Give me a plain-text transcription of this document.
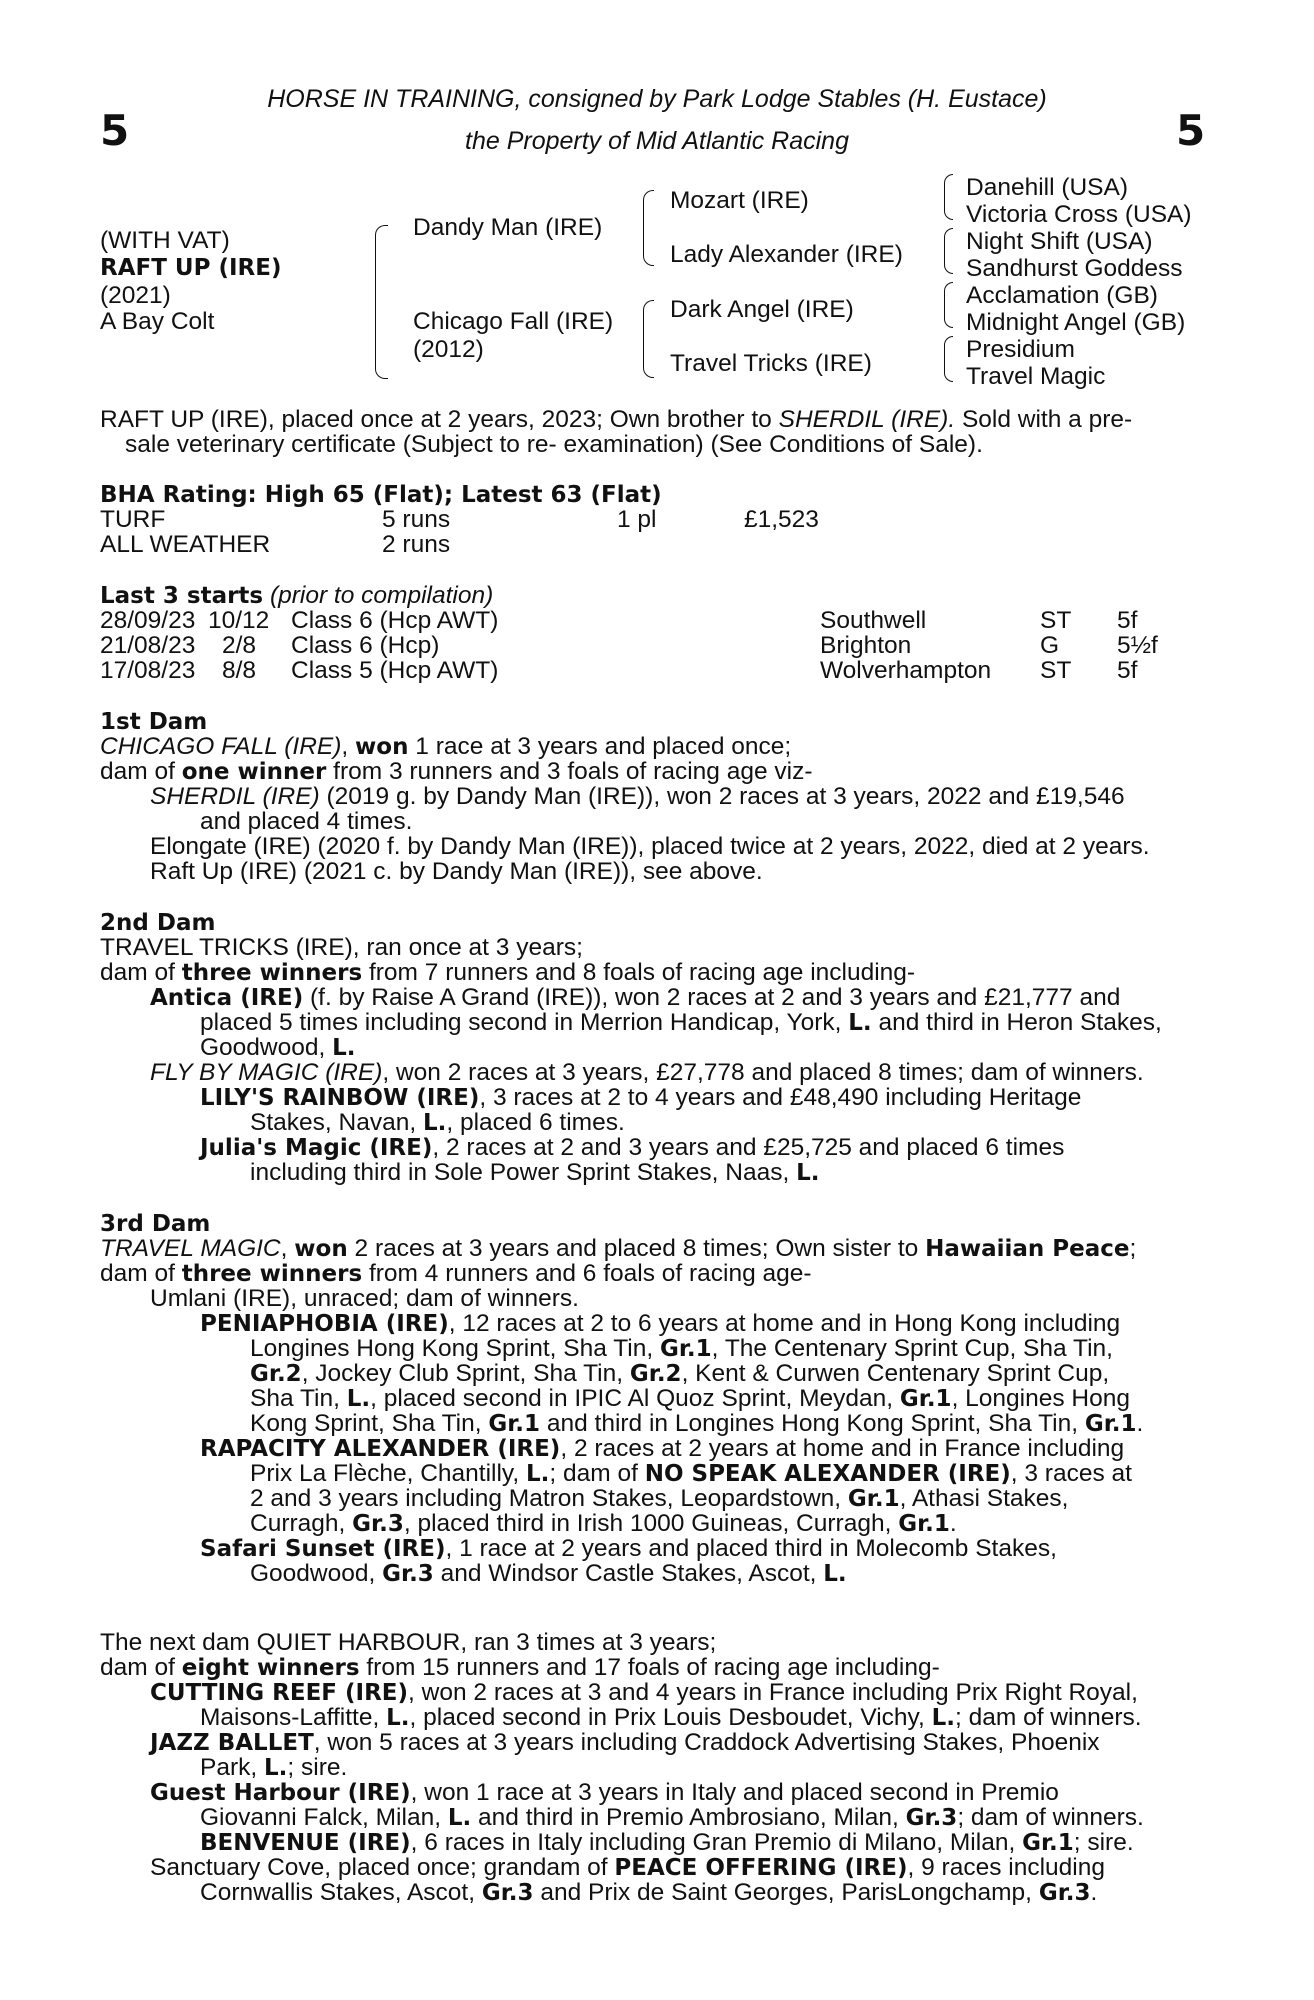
5	5
HORSE IN TRAINING, consigned by Park Lodge Stables (H. Eustace)
the Property of Mid Atlantic Racing
(WITH VAT)
RAFT UP (IRE)
(2021)
A Bay Colt
Dandy Man (IRE)
Chicago Fall (IRE)
(2012)
Mozart (IRE)
Lady Alexander (IRE)
Dark Angel (IRE)
Travel Tricks (IRE)
Danehill (USA)
Victoria Cross (USA)
Night Shift (USA)
Sandhurst Goddess
Acclamation (GB)
Midnight Angel (GB)
Presidium
Travel Magic
RAFT UP (IRE), placed once at 2 years, 2023; Own brother to SHERDIL (IRE). Sold with a pre-
sale veterinary certificate (Subject to re- examination) (See Conditions of Sale).
BHA Rating: High 65 (Flat); Latest 63 (Flat)
TURF	5 runs	1 pl	£1,523
ALL WEATHER	2 runs
Last 3 starts (prior to compilation)
28/09/23 10/12 Class 6 (Hcp AWT)	Southwell	ST 5f
21/08/23 2/8 Class 6 (Hcp)	Brighton	G 5½f
17/08/23 8/8 Class 5 (Hcp AWT)	Wolverhampton ST 5f
1st Dam
CHICAGO FALL (IRE), won 1 race at 3 years and placed once;
dam of one winner from 3 runners and 3 foals of racing age viz-
SHERDIL (IRE) (2019 g. by Dandy Man (IRE)), won 2 races at 3 years, 2022 and £19,546
and placed 4 times.
Elongate (IRE) (2020 f. by Dandy Man (IRE)), placed twice at 2 years, 2022, died at 2 years.
Raft Up (IRE) (2021 c. by Dandy Man (IRE)), see above.
2nd Dam
TRAVEL TRICKS (IRE), ran once at 3 years;
dam of three winners from 7 runners and 8 foals of racing age including-
Antica (IRE) (f. by Raise A Grand (IRE)), won 2 races at 2 and 3 years and £21,777 and
placed 5 times including second in Merrion Handicap, York, L. and third in Heron Stakes,
Goodwood, L.
FLY BY MAGIC (IRE), won 2 races at 3 years, £27,778 and placed 8 times; dam of winners.
LILY'S RAINBOW (IRE), 3 races at 2 to 4 years and £48,490 including Heritage
Stakes, Navan, L., placed 6 times.
Julia's Magic (IRE), 2 races at 2 and 3 years and £25,725 and placed 6 times
including third in Sole Power Sprint Stakes, Naas, L.
3rd Dam
TRAVEL MAGIC, won 2 races at 3 years and placed 8 times; Own sister to Hawaiian Peace;
dam of three winners from 4 runners and 6 foals of racing age-
Umlani (IRE), unraced; dam of winners.
PENIAPHOBIA (IRE), 12 races at 2 to 6 years at home and in Hong Kong including
Longines Hong Kong Sprint, Sha Tin, Gr.1, The Centenary Sprint Cup, Sha Tin,
Gr.2, Jockey Club Sprint, Sha Tin, Gr.2, Kent & Curwen Centenary Sprint Cup,
Sha Tin, L., placed second in IPIC Al Quoz Sprint, Meydan, Gr.1, Longines Hong
Kong Sprint, Sha Tin, Gr.1 and third in Longines Hong Kong Sprint, Sha Tin, Gr.1.
RAPACITY ALEXANDER (IRE), 2 races at 2 years at home and in France including
Prix La Flèche, Chantilly, L.; dam of NO SPEAK ALEXANDER (IRE), 3 races at
2 and 3 years including Matron Stakes, Leopardstown, Gr.1, Athasi Stakes,
Curragh, Gr.3, placed third in Irish 1000 Guineas, Curragh, Gr.1.
Safari Sunset (IRE), 1 race at 2 years and placed third in Molecomb Stakes,
Goodwood, Gr.3 and Windsor Castle Stakes, Ascot, L.
The next dam QUIET HARBOUR, ran 3 times at 3 years;
dam of eight winners from 15 runners and 17 foals of racing age including-
CUTTING REEF (IRE), won 2 races at 3 and 4 years in France including Prix Right Royal,
Maisons-Laffitte, L., placed second in Prix Louis Desboudet, Vichy, L.; dam of winners.
JAZZ BALLET, won 5 races at 3 years including Craddock Advertising Stakes, Phoenix
Park, L.; sire.
Guest Harbour (IRE), won 1 race at 3 years in Italy and placed second in Premio
Giovanni Falck, Milan, L. and third in Premio Ambrosiano, Milan, Gr.3; dam of winners.
BENVENUE (IRE), 6 races in Italy including Gran Premio di Milano, Milan, Gr.1; sire.
Sanctuary Cove, placed once; grandam of PEACE OFFERING (IRE), 9 races including
Cornwallis Stakes, Ascot, Gr.3 and Prix de Saint Georges, ParisLongchamp, Gr.3.
